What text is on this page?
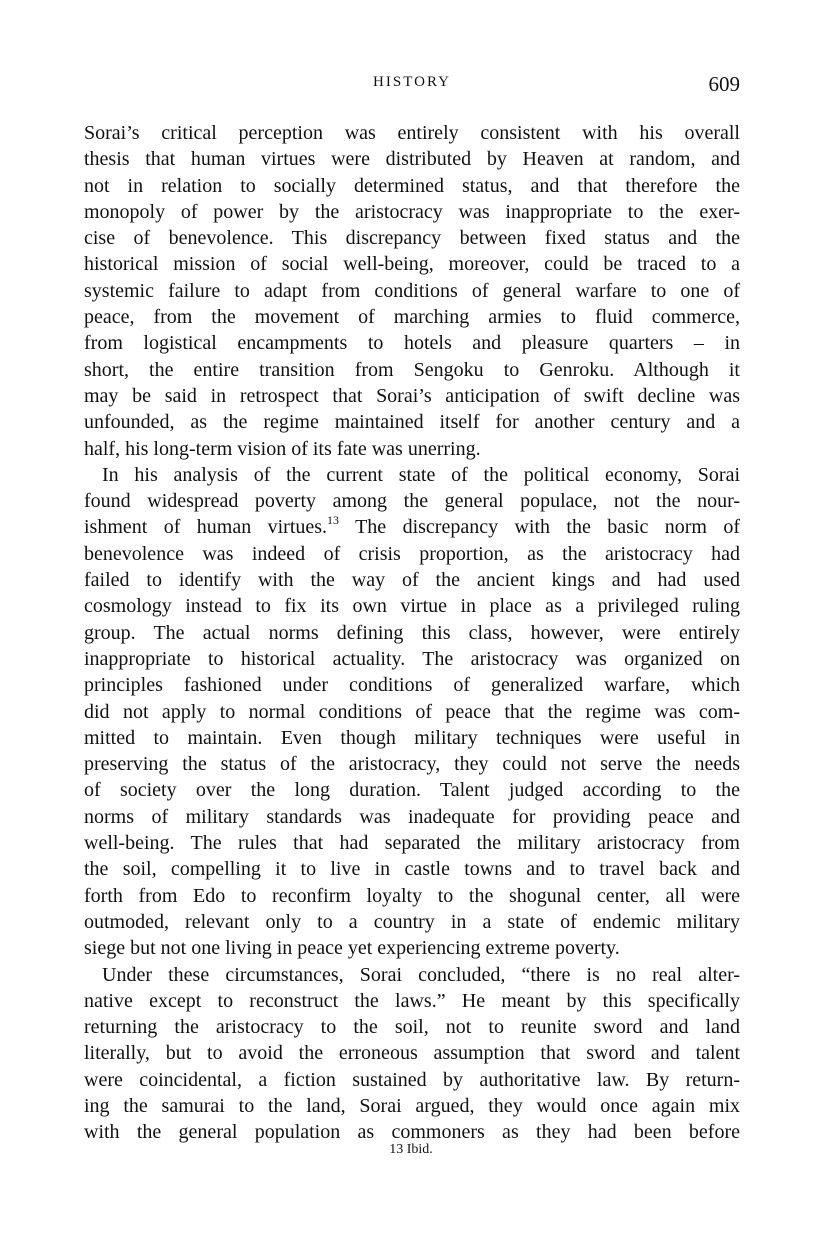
HISTORY	609
Sorai’s critical perception was entirely consistent with his overall
thesis that human virtues were distributed by Heaven at random, and
not in relation to socially determined status, and that therefore the
monopoly of power by the aristocracy was inappropriate to the exer-
cise of benevolence. This discrepancy between fixed status and the
historical mission of social well-being, moreover, could be traced to a
systemic failure to adapt from conditions of general warfare to one of
peace, from the movement of marching armies to fluid commerce,
from logistical encampments to hotels and pleasure quarters – in
short, the entire transition from Sengoku to Genroku. Although it
may be said in retrospect that Sorai’s anticipation of swift decline was
unfounded, as the regime maintained itself for another century and a
half, his long-term vision of its fate was unerring.
In his analysis of the current state of the political economy, Sorai
found widespread poverty among the general populace, not the nour-
ishment of human virtues.$^{13}$ The discrepancy with the basic norm of
benevolence was indeed of crisis proportion, as the aristocracy had
failed to identify with the way of the ancient kings and had used
cosmology instead to fix its own virtue in place as a privileged ruling
group. The actual norms defining this class, however, were entirely
inappropriate to historical actuality. The aristocracy was organized on
principles fashioned under conditions of generalized warfare, which
did not apply to normal conditions of peace that the regime was com-
mitted to maintain. Even though military techniques were useful in
preserving the status of the aristocracy, they could not serve the needs
of society over the long duration. Talent judged according to the
norms of military standards was inadequate for providing peace and
well-being. The rules that had separated the military aristocracy from
the soil, compelling it to live in castle towns and to travel back and
forth from Edo to reconfirm loyalty to the shogunal center, all were
outmoded, relevant only to a country in a state of endemic military
siege but not one living in peace yet experiencing extreme poverty.
Under these circumstances, Sorai concluded, “there is no real alter-
native except to reconstruct the laws.” He meant by this specifically
returning the aristocracy to the soil, not to reunite sword and land
literally, but to avoid the erroneous assumption that sword and talent
were coincidental, a fiction sustained by authoritative law. By return-
ing the samurai to the land, Sorai argued, they would once again mix
with the general population as commoners as they had been before
13 Ibid.
